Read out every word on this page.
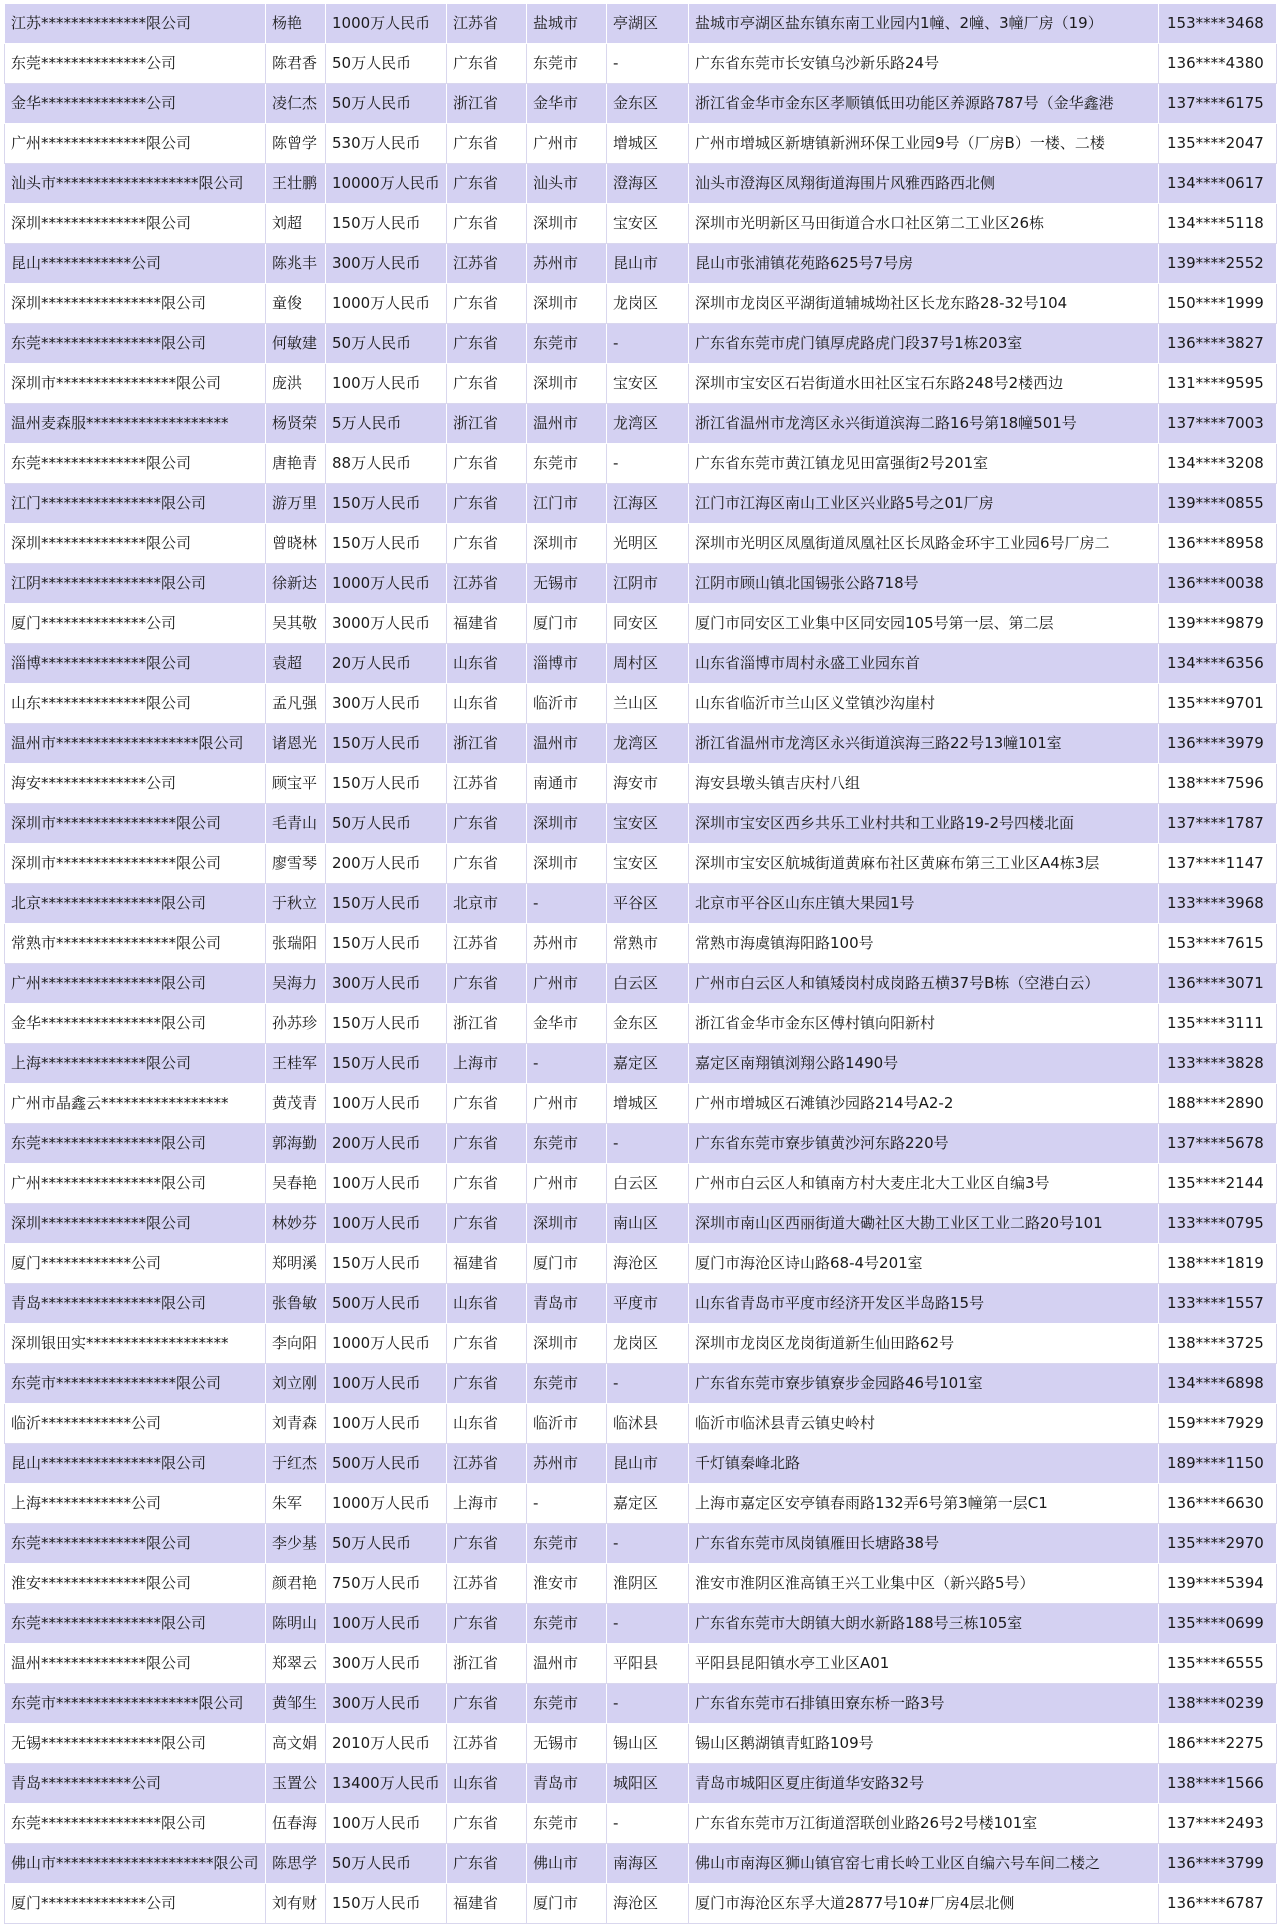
江苏**************限公司	杨艳	1000万人民币	江苏省	盐城市	亭湖区	盐城市亭湖区盐东镇东南工业园内1幢、2幢、3幢厂房（19）	153****3468
东莞**************公司	陈君香	50万人民币	广东省	东莞市	-	广东省东莞市长安镇乌沙新乐路24号	136****4380
金华**************公司	凌仁杰	50万人民币	浙江省	金华市	金东区	浙江省金华市金东区孝顺镇低田功能区养源路787号（金华鑫港	137****6175
广州**************限公司	陈曾学	530万人民币	广东省	广州市	增城区	广州市增城区新塘镇新洲环保工业园9号（厂房B）一楼、二楼	135****2047
汕头市*******************限公司	王壮鹏	10000万人民币	广东省	汕头市	澄海区	汕头市澄海区凤翔街道海围片风雅西路西北侧	134****0617
深圳**************限公司	刘超	150万人民币	广东省	深圳市	宝安区	深圳市光明新区马田街道合水口社区第二工业区26栋	134****5118
昆山************公司	陈兆丰	300万人民币	江苏省	苏州市	昆山市	昆山市张浦镇花苑路625号7号房	139****2552
深圳****************限公司	童俊	1000万人民币	广东省	深圳市	龙岗区	深圳市龙岗区平湖街道辅城坳社区长龙东路28-32号104	150****1999
东莞****************限公司	何敏建	50万人民币	广东省	东莞市	-	广东省东莞市虎门镇厚虎路虎门段37号1栋203室	136****3827
深圳市****************限公司	庞洪	100万人民币	广东省	深圳市	宝安区	深圳市宝安区石岩街道水田社区宝石东路248号2楼西边	131****9595
温州麦森服*******************	杨贤荣	5万人民币	浙江省	温州市	龙湾区	浙江省温州市龙湾区永兴街道滨海二路16号第18幢501号	137****7003
东莞**************限公司	唐艳青	88万人民币	广东省	东莞市	-	广东省东莞市黄江镇龙见田富强街2号201室	134****3208
江门****************限公司	游万里	150万人民币	广东省	江门市	江海区	江门市江海区南山工业区兴业路5号之01厂房	139****0855
深圳**************限公司	曾晓林	150万人民币	广东省	深圳市	光明区	深圳市光明区凤凰街道凤凰社区长凤路金环宇工业园6号厂房二	136****8958
江阴****************限公司	徐新达	1000万人民币	江苏省	无锡市	江阴市	江阴市顾山镇北国锡张公路718号	136****0038
厦门**************公司	吴其敬	3000万人民币	福建省	厦门市	同安区	厦门市同安区工业集中区同安园105号第一层、第二层	139****9879
淄博**************限公司	袁超	20万人民币	山东省	淄博市	周村区	山东省淄博市周村永盛工业园东首	134****6356
山东**************限公司	孟凡强	300万人民币	山东省	临沂市	兰山区	山东省临沂市兰山区义堂镇沙沟崖村	135****9701
温州市*******************限公司	诸恩光	150万人民币	浙江省	温州市	龙湾区	浙江省温州市龙湾区永兴街道滨海三路22号13幢101室	136****3979
海安**************公司	顾宝平	150万人民币	江苏省	南通市	海安市	海安县墩头镇吉庆村八组	138****7596
深圳市****************限公司	毛青山	50万人民币	广东省	深圳市	宝安区	深圳市宝安区西乡共乐工业村共和工业路19-2号四楼北面	137****1787
深圳市****************限公司	廖雪琴	200万人民币	广东省	深圳市	宝安区	深圳市宝安区航城街道黄麻布社区黄麻布第三工业区A4栋3层	137****1147
北京****************限公司	于秋立	150万人民币	北京市	-	平谷区	北京市平谷区山东庄镇大果园1号	133****3968
常熟市****************限公司	张瑞阳	150万人民币	江苏省	苏州市	常熟市	常熟市海虞镇海阳路100号	153****7615
广州****************限公司	吴海力	300万人民币	广东省	广州市	白云区	广州市白云区人和镇矮岗村成岗路五横37号B栋（空港白云）	136****3071
金华****************限公司	孙苏珍	150万人民币	浙江省	金华市	金东区	浙江省金华市金东区傅村镇向阳新村	135****3111
上海**************限公司	王桂军	150万人民币	上海市	-	嘉定区	嘉定区南翔镇浏翔公路1490号	133****3828
广州市晶鑫云*****************	黄茂青	100万人民币	广东省	广州市	增城区	广州市增城区石滩镇沙园路214号A2-2	188****2890
东莞****************限公司	郭海勤	200万人民币	广东省	东莞市	-	广东省东莞市寮步镇黄沙河东路220号	137****5678
广州****************限公司	吴春艳	100万人民币	广东省	广州市	白云区	广州市白云区人和镇南方村大麦庄北大工业区自编3号	135****2144
深圳**************限公司	林妙芬	100万人民币	广东省	深圳市	南山区	深圳市南山区西丽街道大磡社区大勘工业区工业二路20号101	133****0795
厦门************公司	郑明溪	150万人民币	福建省	厦门市	海沧区	厦门市海沧区诗山路68-4号201室	138****1819
青岛****************限公司	张鲁敏	500万人民币	山东省	青岛市	平度市	山东省青岛市平度市经济开发区半岛路15号	133****1557
深圳银田实*******************	李向阳	1000万人民币	广东省	深圳市	龙岗区	深圳市龙岗区龙岗街道新生仙田路62号	138****3725
东莞市****************限公司	刘立刚	100万人民币	广东省	东莞市	-	广东省东莞市寮步镇寮步金园路46号101室	134****6898
临沂************公司	刘青森	100万人民币	山东省	临沂市	临沭县	临沂市临沭县青云镇史岭村	159****7929
昆山****************限公司	于红杰	500万人民币	江苏省	苏州市	昆山市	千灯镇秦峰北路	189****1150
上海************公司	朱军	1000万人民币	上海市	-	嘉定区	上海市嘉定区安亭镇春雨路132弄6号第3幢第一层C1	136****6630
东莞**************限公司	李少基	50万人民币	广东省	东莞市	-	广东省东莞市凤岗镇雁田长塘路38号	135****2970
淮安**************限公司	颜君艳	750万人民币	江苏省	淮安市	淮阴区	淮安市淮阴区淮高镇王兴工业集中区（新兴路5号）	139****5394
东莞****************限公司	陈明山	100万人民币	广东省	东莞市	-	广东省东莞市大朗镇大朗水新路188号三栋105室	135****0699
温州**************限公司	郑翠云	300万人民币	浙江省	温州市	平阳县	平阳县昆阳镇水亭工业区A01	135****6555
东莞市*******************限公司	黄邹生	300万人民币	广东省	东莞市	-	广东省东莞市石排镇田寮东桥一路3号	138****0239
无锡****************限公司	高文娟	2010万人民币	江苏省	无锡市	锡山区	锡山区鹅湖镇青虹路109号	186****2275
青岛************公司	玉置公	13400万人民币	山东省	青岛市	城阳区	青岛市城阳区夏庄街道华安路32号	138****1566
东莞****************限公司	伍春海	100万人民币	广东省	东莞市	-	广东省东莞市万江街道滘联创业路26号2号楼101室	137****2493
佛山市*********************限公司	陈思学	50万人民币	广东省	佛山市	南海区	佛山市南海区狮山镇官窑七甫长岭工业区自编六号车间二楼之	136****3799
厦门**************公司	刘有财	150万人民币	福建省	厦门市	海沧区	厦门市海沧区东孚大道2877号10#厂房4层北侧	136****6787
